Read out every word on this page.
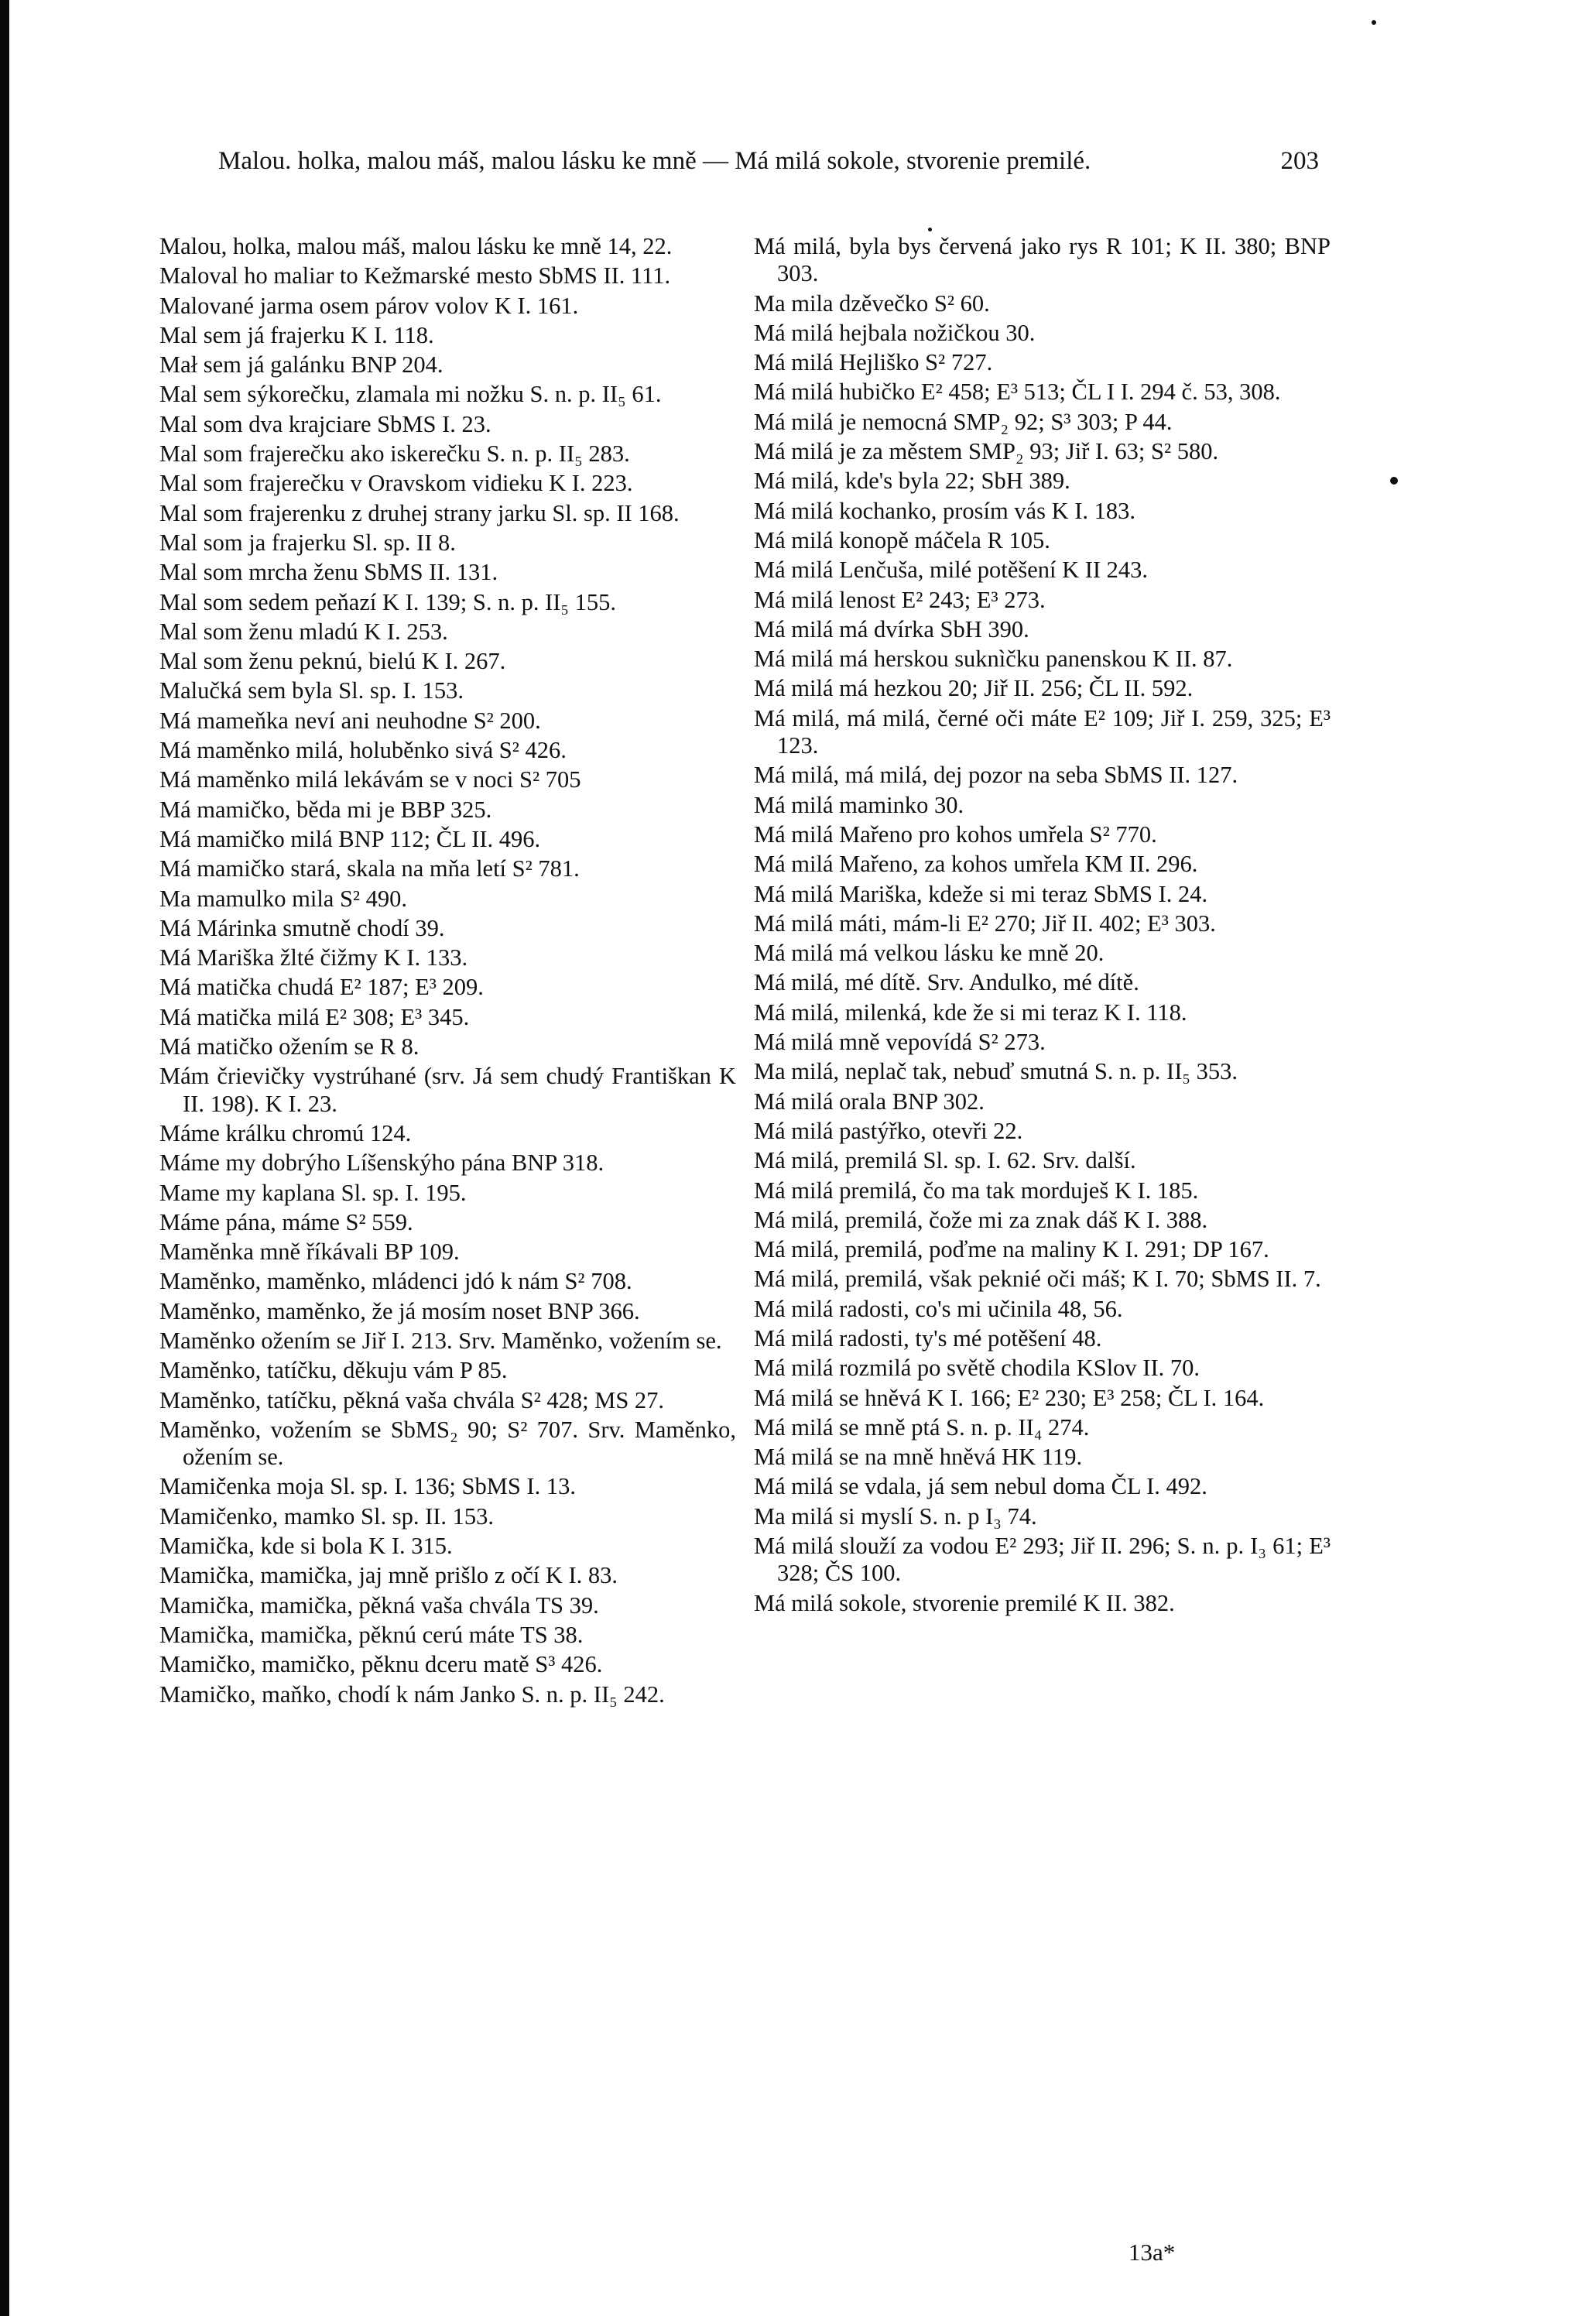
Malou. holka, malou máš, malou lásku ke mně — Má milá sokole, stvorenie premilé.	203
Malou, holka, malou máš, malou lásku ke mně 14, 22.
Maloval ho maliar to Kežmarské mesto SbMS II. 111.
Malované jarma osem párov volov K I. 161.
Mal sem já frajerku K I. 118.
Mał sem já galánku BNP 204.
Mal sem sýkorečku, zlamala mi nožku S. n. p. II₅ 61.
Mal som dva krajciare SbMS I. 23.
Mal som frajerečku ako iskerečku S. n. p. II₅ 283.
Mal som frajerečku v Oravskom vidieku K I. 223.
Mal som frajerenku z druhej strany jarku Sl. sp. II 168.
Mal som ja frajerku Sl. sp. II 8.
Mal som mrcha ženu SbMS II. 131.
Mal som sedem peňazí K I. 139; S. n. p. II₅ 155.
Mal som ženu mladú K I. 253.
Mal som ženu peknú, bielú K I. 267.
Malučká sem byla Sl. sp. I. 153.
Má mameňka neví ani neuhodne S² 200.
Má maměnko milá, holuběnko sivá S² 426.
Má maměnko milá lekávám se v noci S² 705
Má mamičko, běda mi je BBP 325.
Má mamičko milá BNP 112; ČL II. 496.
Má mamičko stará, skala na mňa letí S² 781.
Ma mamulko mila S² 490.
Má Márinka smutně chodí 39.
Má Mariška žlté čižmy K I. 133.
Má matička chudá E² 187; E³ 209.
Má matička milá E² 308; E³ 345.
Má matičko ožením se R 8.
Mám črievičky vystrúhané (srv. Já sem chudý Františkan K II. 198). K I. 23.
Máme králku chromú 124.
Máme my dobrýho Líšenskýho pána BNP 318.
Mame my kaplana Sl. sp. I. 195.
Máme pána, máme S² 559.
Maměnka mně říkávali BP 109.
Maměnko, maměnko, mládenci jdó k nám S² 708.
Maměnko, maměnko, že já mosím noset BNP 366.
Maměnko ožením se Jiř I. 213. Srv. Maměnko, vožením se.
Maměnko, tatíčku, děkuju vám P 85.
Maměnko, tatíčku, pěkná vaša chvála S² 428; MS 27.
Maměnko, vožením se SbMS₂ 90; S² 707. Srv. Maměnko, ožením se.
Mamičenka moja Sl. sp. I. 136; SbMS I. 13.
Mamičenko, mamko Sl. sp. II. 153.
Mamička, kde si bola K I. 315.
Mamička, mamička, jaj mně prišlo z očí K I. 83.
Mamička, mamička, pěkná vaša chvála TS 39.
Mamička, mamička, pěknú cerú máte TS 38.
Mamičko, mamičko, pěknu dceru matě S³ 426.
Mamičko, maňko, chodí k nám Janko S. n. p. II₅ 242.
Má milá, byla bys červená jako rys R 101; K II. 380; BNP 303.
Ma mila dzěvečko S² 60.
Má milá hejbala nožičkou 30.
Má milá Hejliško S² 727.
Má milá hubičko E² 458; E³ 513; ČL I I. 294 č. 53, 308.
Má milá je nemocná SMP₂ 92; S³ 303; P 44.
Má milá je za městem SMP₂ 93; Jiř I. 63; S² 580.
Má milá, kde's byla 22; SbH 389.
Má milá kochanko, prosím vás K I. 183.
Má milá konopě máčela R 105.
Má milá Lenčuša, milé potěšení K II 243.
Má milá lenost E² 243; E³ 273.
Má milá má dvírka SbH 390.
Má milá má herskou suknìčku panenskou K II. 87.
Má milá má hezkou 20; Jiř II. 256; ČL II. 592.
Má milá, má milá, černé oči máte E² 109; Jiř I. 259, 325; E³ 123.
Má milá, má milá, dej pozor na seba SbMS II. 127.
Má milá maminko 30.
Má milá Mařeno pro kohos umřela S² 770.
Má milá Mařeno, za kohos umřela KM II. 296.
Má milá Mariška, kdeže si mi teraz SbMS I. 24.
Má milá máti, mám-li E² 270; Jiř II. 402; E³ 303.
Má milá má velkou lásku ke mně 20.
Má milá, mé dítě. Srv. Andulko, mé dítě.
Má milá, milenká, kde že si mi teraz K I. 118.
Má milá mně vepovídá S² 273.
Ma milá, neplač tak, nebuď smutná S. n. p. II₅ 353.
Má milá orala BNP 302.
Má milá pastýřko, otevři 22.
Má milá, premilá Sl. sp. I. 62. Srv. další.
Má milá premilá, čo ma tak morduješ K I. 185.
Má milá, premilá, čože mi za znak dáš K I. 388.
Má milá, premilá, poďme na maliny K I. 291; DP 167.
Má milá, premilá, však peknié oči máš; K I. 70; SbMS II. 7.
Má milá radosti, co's mi učinila 48, 56.
Má milá radosti, ty's mé potěšení 48.
Má milá rozmilá po světě chodila KSlov II. 70.
Má milá se hněvá K I. 166; E² 230; E³ 258; ČL I. 164.
Má milá se mně ptá S. n. p. II₄ 274.
Má milá se na mně hněvá HK 119.
Má milá se vdala, já sem nebul doma ČL I. 492.
Ma milá si myslí S. n. p I₃ 74.
Má milá slouží za vodou E² 293; Jiř II. 296; S. n. p. I₃ 61; E³ 328; ČS 100.
Má milá sokole, stvorenie premilé K II. 382.
13a*
